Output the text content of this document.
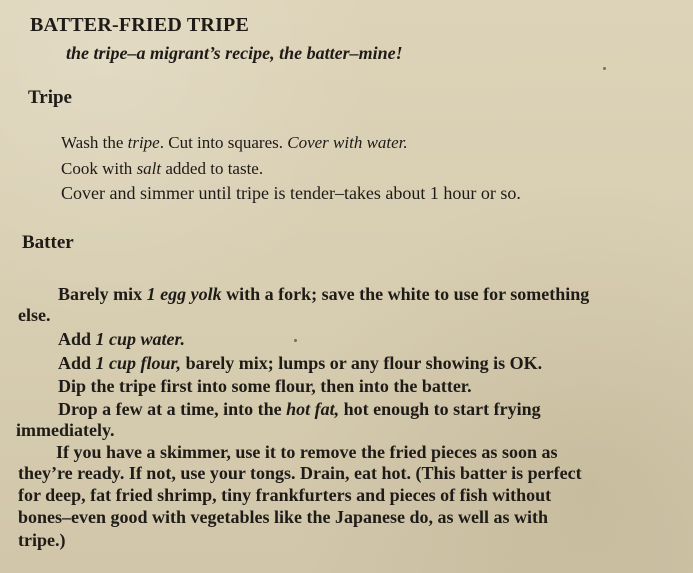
BATTER-FRIED TRIPE
the tripe–a migrant’s recipe, the batter–mine!
Tripe
Wash the tripe. Cut into squares. Cover with water.
Cook with salt added to taste.
Cover and simmer until tripe is tender–takes about 1 hour or so.
Batter
Barely mix 1 egg yolk with a fork; save the white to use for something
else.
Add 1 cup water.
Add 1 cup flour, barely mix; lumps or any flour showing is OK.
Dip the tripe first into some flour, then into the batter.
Drop a few at a time, into the hot fat, hot enough to start frying
immediately.
If you have a skimmer, use it to remove the fried pieces as soon as
they’re ready. If not, use your tongs. Drain, eat hot. (This batter is perfect
for deep, fat fried shrimp, tiny frankfurters and pieces of fish without
bones–even good with vegetables like the Japanese do, as well as with
tripe.)
